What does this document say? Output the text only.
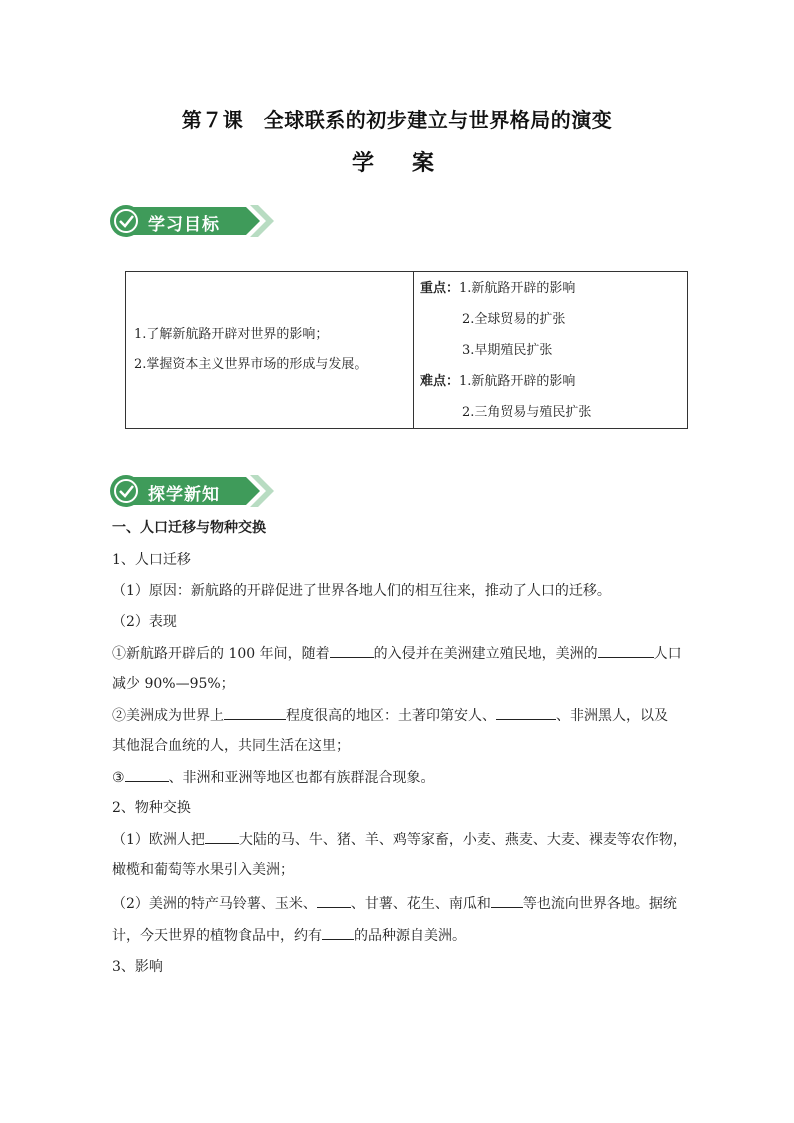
第７课　全球联系的初步建立与世界格局的演变
学　案
学习目标
1.了解新航路开辟对世界的影响；
2.掌握资本主义世界市场的形成与发展。

重点：1.新航路开辟的影响
2.全球贸易的扩张
3.早期殖民扩张
难点：1.新航路开辟的影响
2.三角贸易与殖民扩张
探学新知
一、人口迁移与物种交换
1、人口迁移
（1）原因：新航路的开辟促进了世界各地人们的相互往来，推动了人口的迁移。
（2）表现
①新航路开辟后的 100 年间，随着	的入侵并在美洲建立殖民地，美洲的	人口
减少 90%—95%；
②美洲成为世界上	程度很高的地区：土著印第安人、	、非洲黑人，以及
其他混合血统的人，共同生活在这里；
③	、非洲和亚洲等地区也都有族群混合现象。
2、物种交换
（1）欧洲人把 大陆的马、牛、猪、羊、鸡等家畜，小麦、燕麦、大麦、裸麦等农作物，
橄榄和葡萄等水果引入美洲；
（2）美洲的特产马铃薯、玉米、 、甘薯、花生、南瓜和 等也流向世界各地。据统
计，今天世界的植物食品中，约有 的品种源自美洲。
3、影响
